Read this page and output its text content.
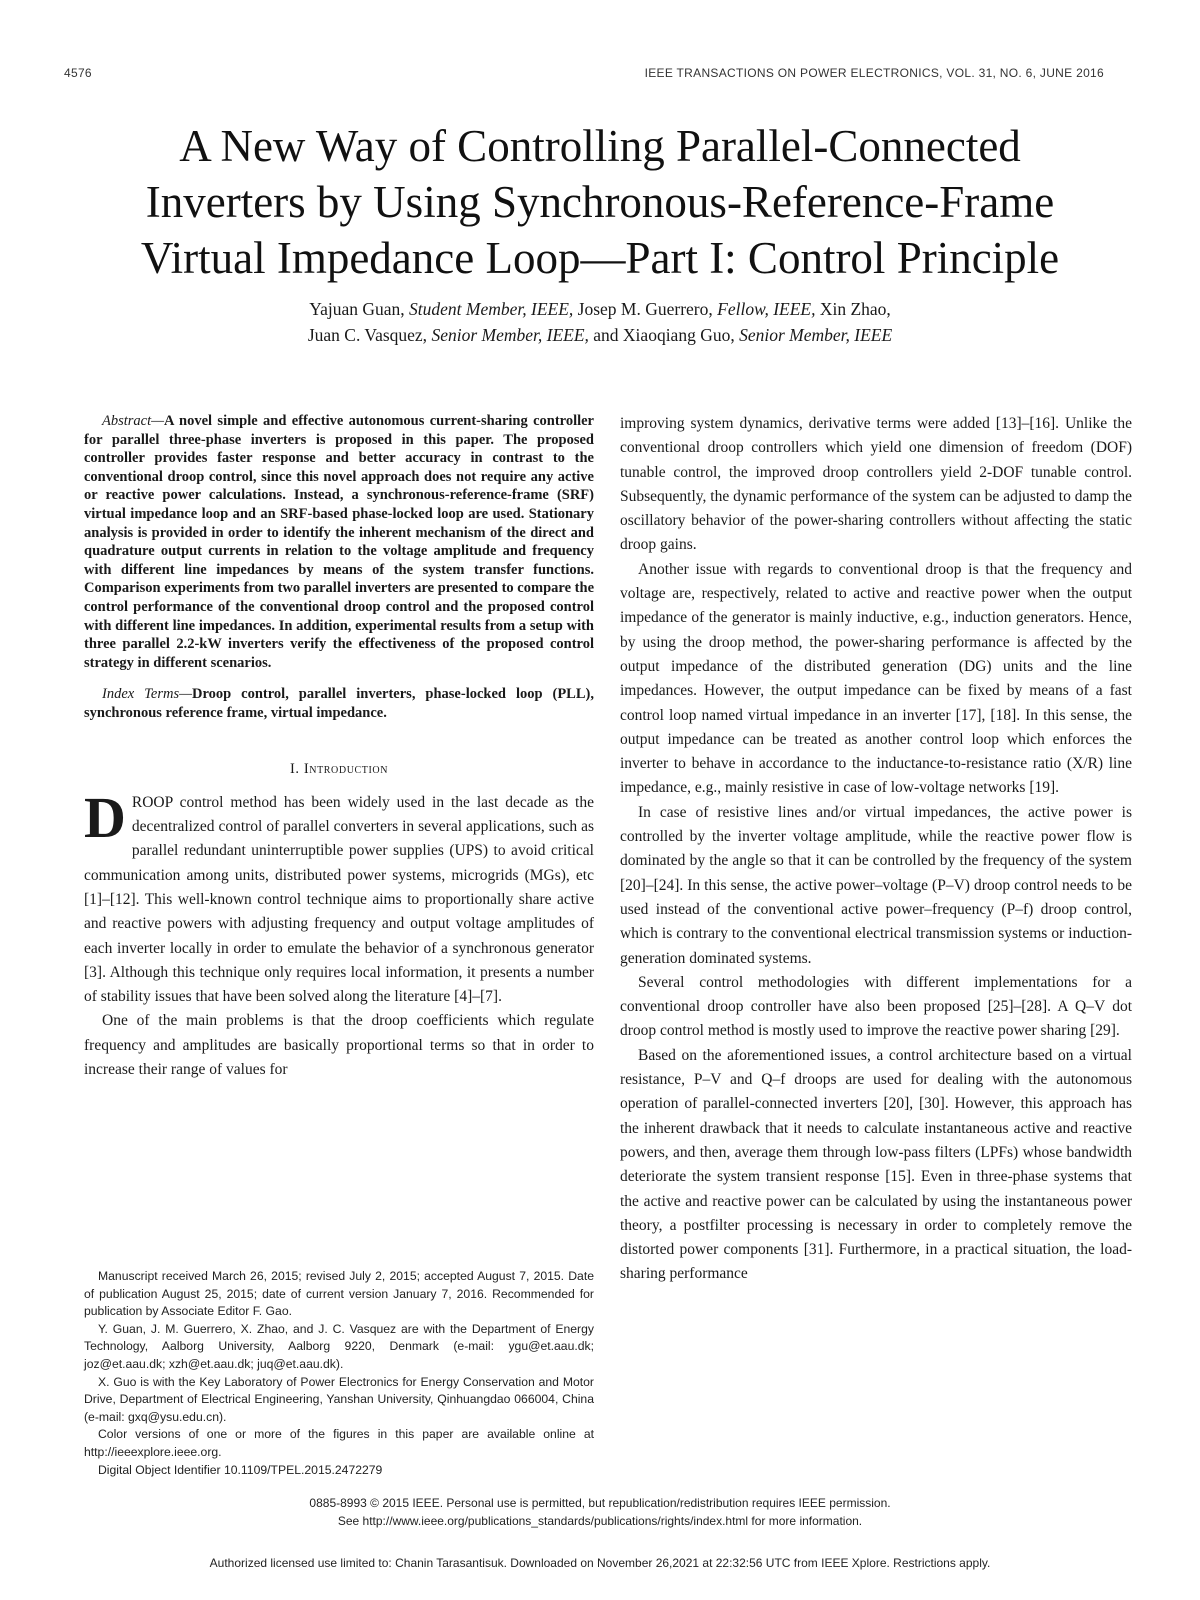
4576	IEEE TRANSACTIONS ON POWER ELECTRONICS, VOL. 31, NO. 6, JUNE 2016
A New Way of Controlling Parallel-Connected
Inverters by Using Synchronous-Reference-Frame
Virtual Impedance Loop—Part I: Control Principle
Yajuan Guan, Student Member, IEEE, Josep M. Guerrero, Fellow, IEEE, Xin Zhao,
Juan C. Vasquez, Senior Member, IEEE, and Xiaoqiang Guo, Senior Member, IEEE

Abstract—A novel simple and effective autonomous current-sharing controller for parallel three-phase inverters is proposed in this paper. The proposed controller provides faster response and better accuracy in contrast to the conventional droop control, since this novel approach does not require any active or reactive power calculations. Instead, a synchronous-reference-frame (SRF) virtual impedance loop and an SRF-based phase-locked loop are used. Stationary analysis is provided in order to identify the inherent mechanism of the direct and quadrature output currents in relation to the voltage amplitude and frequency with different line impedances by means of the system transfer functions. Comparison experiments from two parallel inverters are presented to compare the control performance of the conventional droop control and the proposed control with different line impedances. In addition, experimental results from a setup with three parallel 2.2-kW inverters verify the effectiveness of the proposed control strategy in different scenarios.

Index Terms—Droop control, parallel inverters, phase-locked loop (PLL), synchronous reference frame, virtual impedance.

I. Introduction

DROOP control method has been widely used in the last decade as the decentralized control of parallel converters in several applications, such as parallel redundant uninterruptible power supplies (UPS) to avoid critical communication among units, distributed power systems, microgrids (MGs), etc [1]–[12]. This well-known control technique aims to proportionally share active and reactive powers with adjusting frequency and output voltage amplitudes of each inverter locally in order to emulate the behavior of a synchronous generator [3]. Although this technique only requires local information, it presents a number of stability issues that have been solved along the literature [4]–[7].

One of the main problems is that the droop coefficients which regulate frequency and amplitudes are basically proportional terms so that in order to increase their range of values for

improving system dynamics, derivative terms were added [13]–[16]. Unlike the conventional droop controllers which yield one dimension of freedom (DOF) tunable control, the improved droop controllers yield 2-DOF tunable control. Subsequently, the dynamic performance of the system can be adjusted to damp the oscillatory behavior of the power-sharing controllers without affecting the static droop gains.

Another issue with regards to conventional droop is that the frequency and voltage are, respectively, related to active and reactive power when the output impedance of the generator is mainly inductive, e.g., induction generators. Hence, by using the droop method, the power-sharing performance is affected by the output impedance of the distributed generation (DG) units and the line impedances. However, the output impedance can be fixed by means of a fast control loop named virtual impedance in an inverter [17], [18]. In this sense, the output impedance can be treated as another control loop which enforces the inverter to behave in accordance to the inductance-to-resistance ratio (X/R) line impedance, e.g., mainly resistive in case of low-voltage networks [19].

In case of resistive lines and/or virtual impedances, the active power is controlled by the inverter voltage amplitude, while the reactive power flow is dominated by the angle so that it can be controlled by the frequency of the system [20]–[24]. In this sense, the active power–voltage (P–V) droop control needs to be used instead of the conventional active power–frequency (P–f) droop control, which is contrary to the conventional electrical transmission systems or induction-generation dominated systems.

Several control methodologies with different implementations for a conventional droop controller have also been proposed [25]–[28]. A Q–V dot droop control method is mostly used to improve the reactive power sharing [29].

Based on the aforementioned issues, a control architecture based on a virtual resistance, P–V and Q–f droops are used for dealing with the autonomous operation of parallel-connected inverters [20], [30]. However, this approach has the inherent drawback that it needs to calculate instantaneous active and reactive powers, and then, average them through low-pass filters (LPFs) whose bandwidth deteriorate the system transient response [15]. Even in three-phase systems that the active and reactive power can be calculated by using the instantaneous power theory, a postfilter processing is necessary in order to completely remove the distorted power components [31]. Furthermore, in a practical situation, the load-sharing performance

Manuscript received March 26, 2015; revised July 2, 2015; accepted August 7, 2015. Date of publication August 25, 2015; date of current version January 7, 2016. Recommended for publication by Associate Editor F. Gao.

Y. Guan, J. M. Guerrero, X. Zhao, and J. C. Vasquez are with the Department of Energy Technology, Aalborg University, Aalborg 9220, Denmark (e-mail: ygu@et.aau.dk; joz@et.aau.dk; xzh@et.aau.dk; juq@et.aau.dk).

X. Guo is with the Key Laboratory of Power Electronics for Energy Conservation and Motor Drive, Department of Electrical Engineering, Yanshan University, Qinhuangdao 066004, China (e-mail: gxq@ysu.edu.cn).

Color versions of one or more of the figures in this paper are available online at http://ieeexplore.ieee.org.

Digital Object Identifier 10.1109/TPEL.2015.2472279

0885-8993 © 2015 IEEE. Personal use is permitted, but republication/redistribution requires IEEE permission.
See http://www.ieee.org/publications_standards/publications/rights/index.html for more information.
Authorized licensed use limited to: Chanin Tarasantisuk. Downloaded on November 26,2021 at 22:32:56 UTC from IEEE Xplore. Restrictions apply.
